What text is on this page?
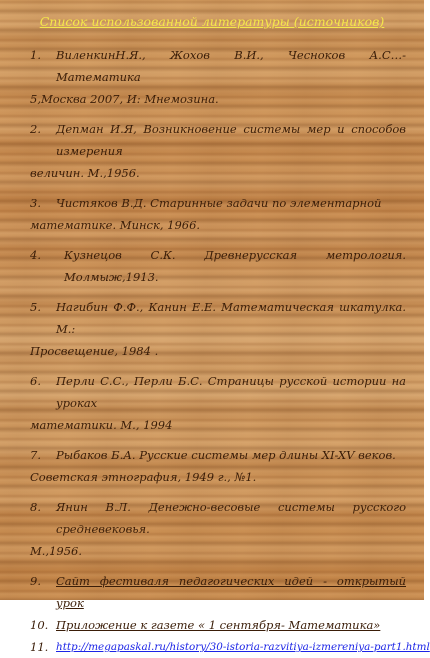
Список использованной литературы (источников)
1.	ВиленкинН.Я., Жохов В.И., Чесноков А.С…- Математика
5,Москва 2007, И: Мнемозина.
2.	Депман И.Я, Возникновение системы мер и способов измерения
величин. М.,1956.
3.	Чистяков В.Д. Старинные задачи по элементарной
математике. Минск, 1966.
4.	Кузнецов С.К. Древнерусская метрология. Молмыж,1913.
5.	Нагибин Ф.Ф., Канин Е.Е. Математическая шкатулка. М.:
Просвещение, 1984 .
6.	Перли С.С., Перли Б.С. Страницы русской истории на уроках
математики. М., 1994
7.	Рыбаков Б.А. Русские системы мер длины XI-XV веков.
Советская этнография, 1949 г., №1.
8.	Янин В.Л. Денежно-весовые системы русского средневековья.
М.,1956.
9.	Сайт фестиваля педагогических идей - открытый урок
10. Приложение к газете « 1 сентября- Математика»
11. http://megapaskal.ru/history/30-istoria-razvitiya-izmereniya-part1.html
